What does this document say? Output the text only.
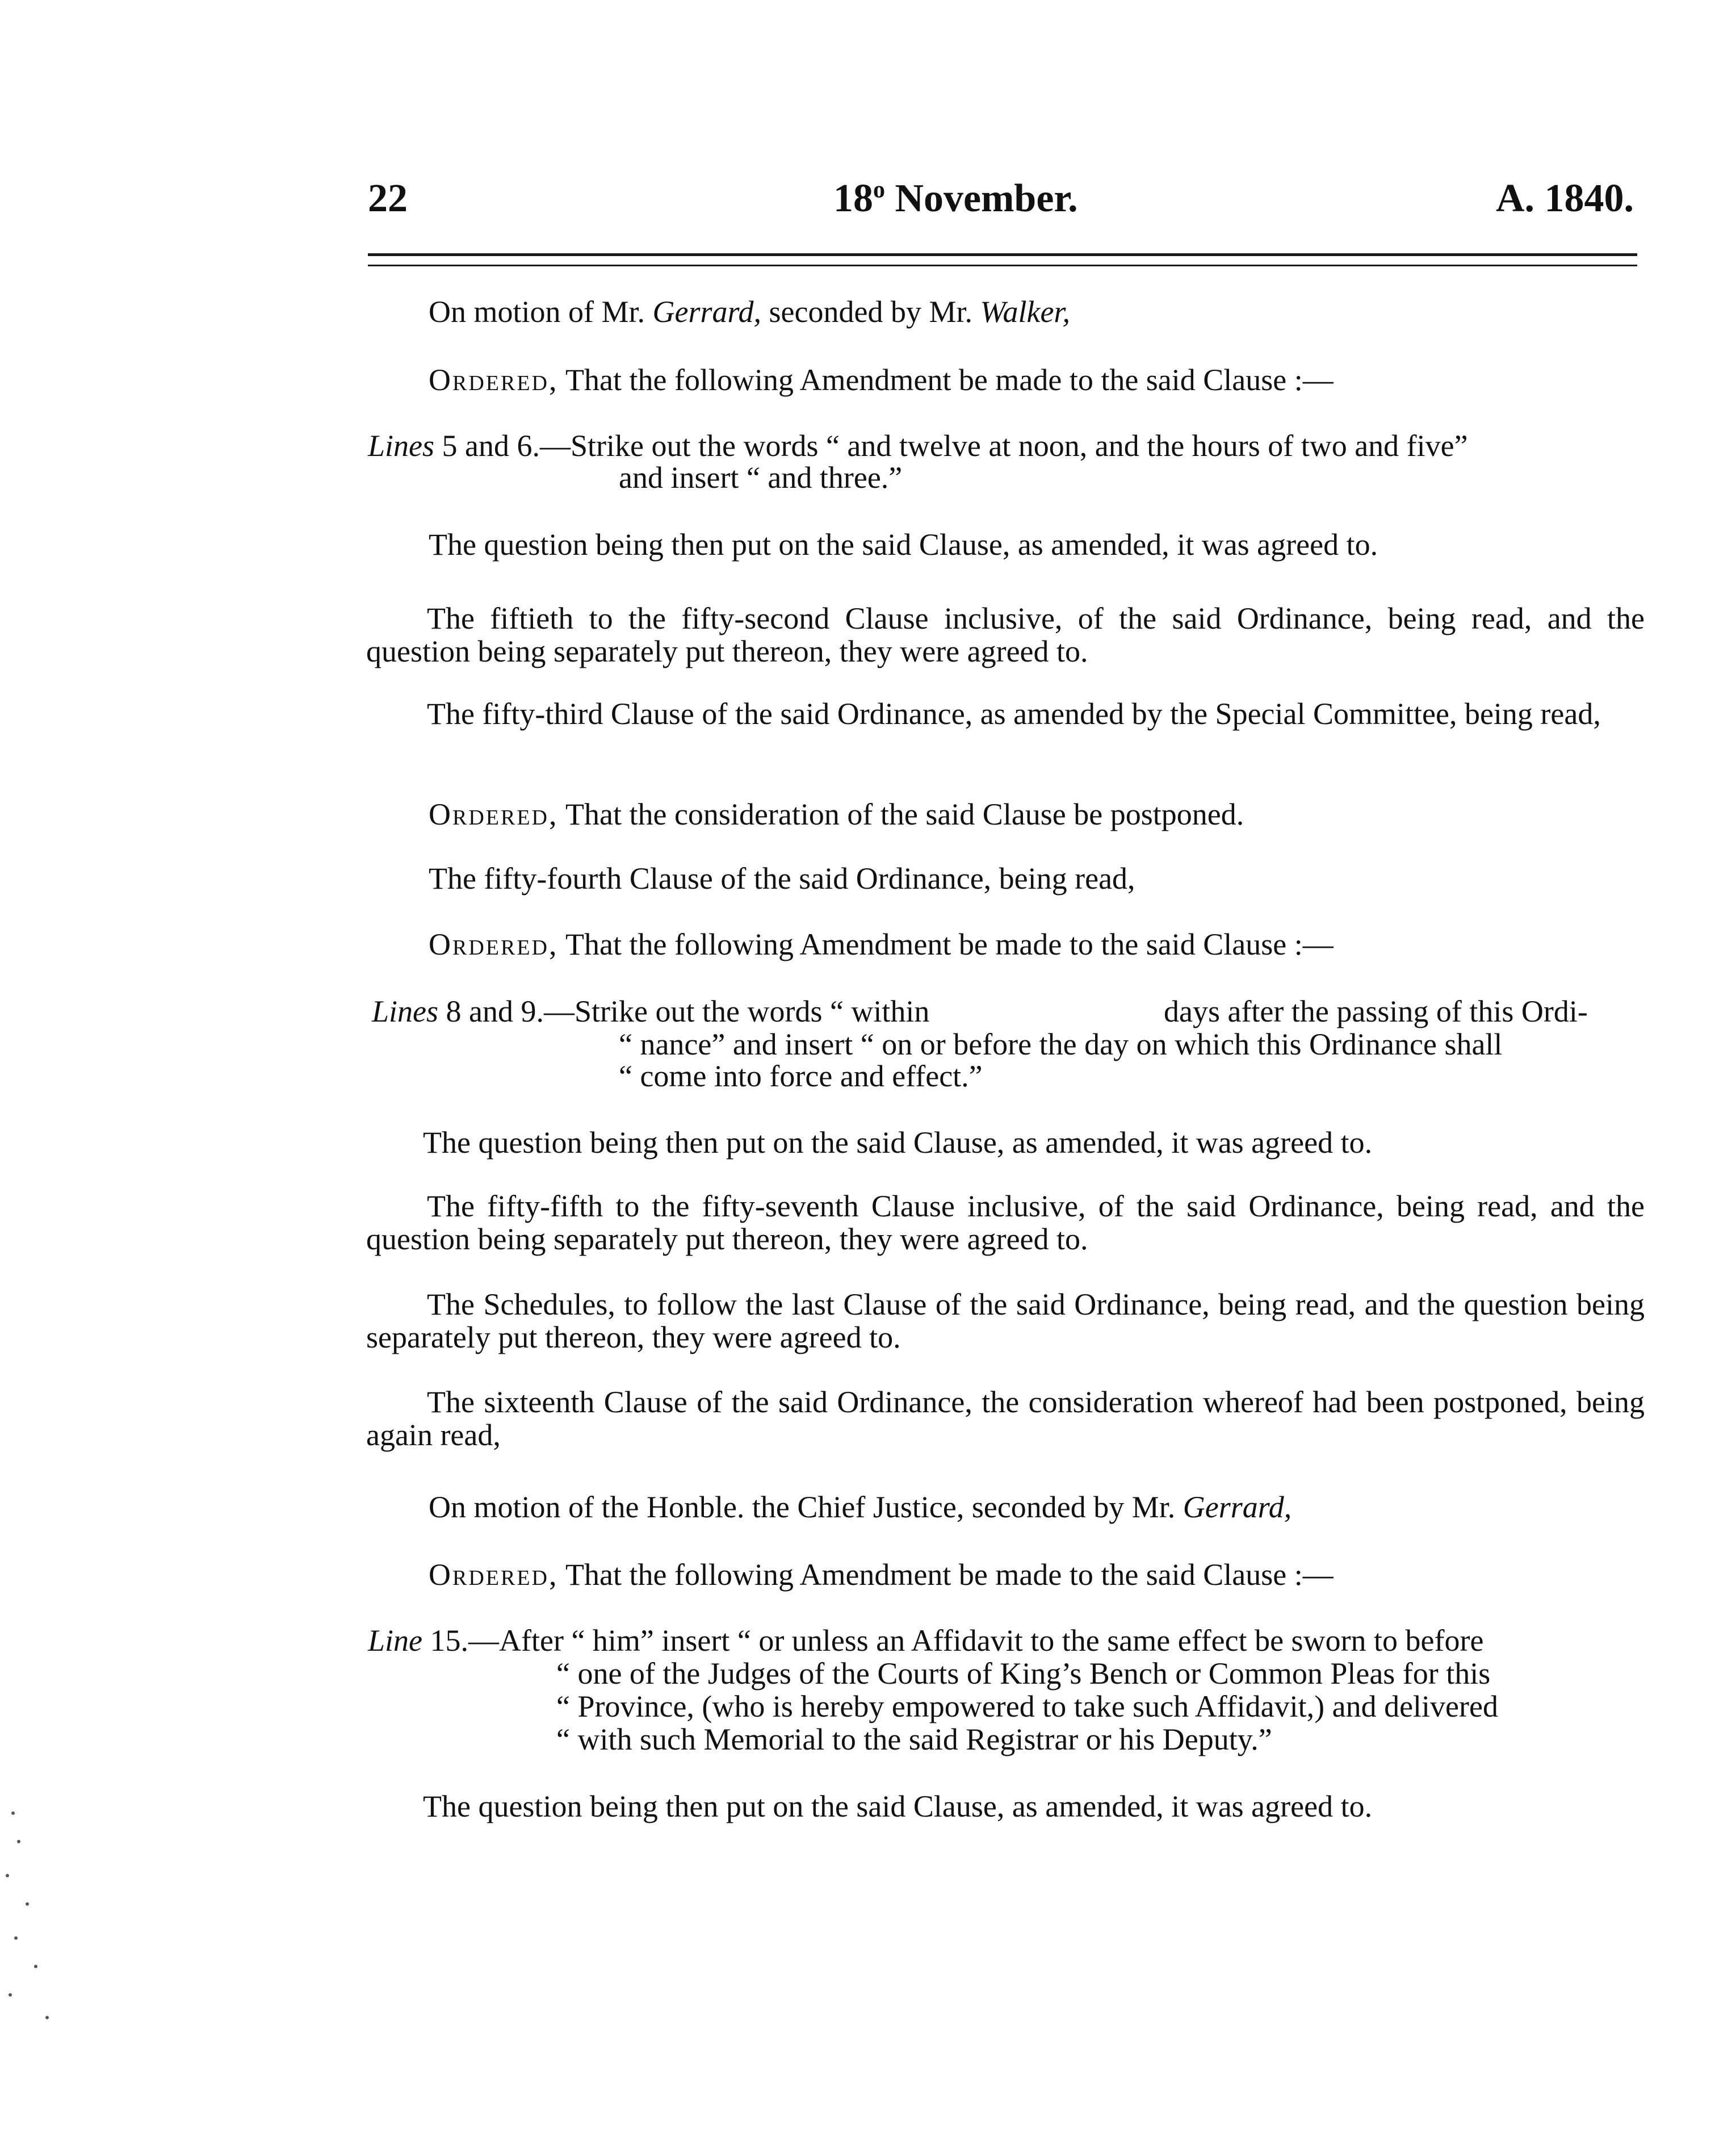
22	18$^o$ November.	A. 1840.
On motion of Mr. Gerrard, seconded by Mr. Walker,
Ordered, That the following Amendment be made to the said Clause :—
Lines 5 and 6.—Strike out the words “ and twelve at noon, and the hours of two and five”
and insert “ and three.”
The question being then put on the said Clause, as amended, it was agreed to.
The fiftieth to the fifty-second Clause inclusive, of the said Ordinance, being read, and the question being separately put thereon, they were agreed to.
The fifty-third Clause of the said Ordinance, as amended by the Special Committee, being read,
Ordered, That the consideration of the said Clause be postponed.
The fifty-fourth Clause of the said Ordinance, being read,
Ordered, That the following Amendment be made to the said Clause :—
Lines 8 and 9.—Strike out the words “ within	days after the passing of this Ordi-
“ nance” and insert “ on or before the day on which this Ordinance shall
“ come into force and effect.”
The question being then put on the said Clause, as amended, it was agreed to.
The fifty-fifth to the fifty-seventh Clause inclusive, of the said Ordinance, being read, and the question being separately put thereon, they were agreed to.
The Schedules, to follow the last Clause of the said Ordinance, being read, and the question being separately put thereon, they were agreed to.
The sixteenth Clause of the said Ordinance, the consideration whereof had been postponed, being again read,
On motion of the Honble. the Chief Justice, seconded by Mr. Gerrard,
Ordered, That the following Amendment be made to the said Clause :—
Line 15.—After “ him” insert “ or unless an Affidavit to the same effect be sworn to before
“ one of the Judges of the Courts of King’s Bench or Common Pleas for this
“ Province, (who is hereby empowered to take such Affidavit,) and delivered
“ with such Memorial to the said Registrar or his Deputy.”
The question being then put on the said Clause, as amended, it was agreed to.
